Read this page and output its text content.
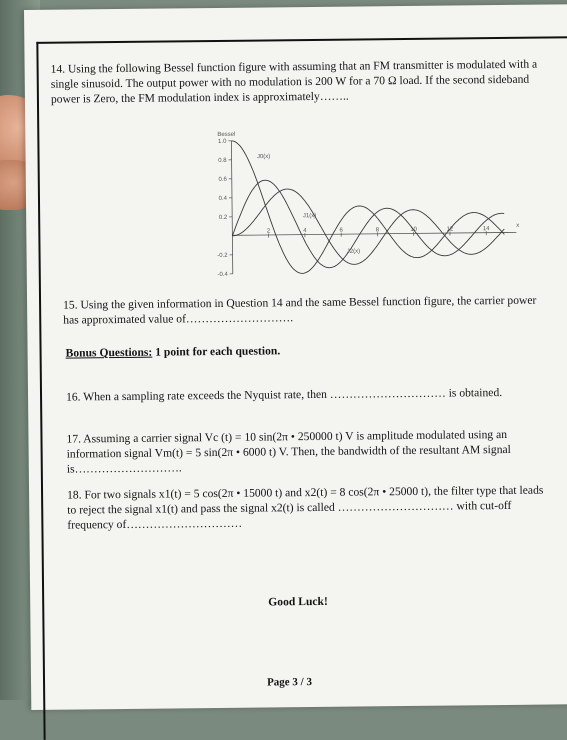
14. Using the following Bessel function figure with assuming that an FM transmitter is modulated with a single sinusoid. The output power with no modulation is 200 W for a 70 Ω load. If the second sideband power is Zero, the FM modulation index is approximately……..
Bessel
x
1.0
0.8
0.6
0.4
0.2
-0.2
-0.4
2	4	6	8	10	12	14
J0(x)
J1(x)
J2(x)
15. Using the given information in Question 14 and the same Bessel function figure, the carrier power has approximated value of……………………….
Bonus Questions: 1 point for each question.
16. When a sampling rate exceeds the Nyquist rate, then ………………………… is obtained.
17. Assuming a carrier signal Vc (t) = 10 sin(2π • 250000 t) V is amplitude modulated using an information signal Vm(t) = 5 sin(2π • 6000 t) V. Then, the bandwidth of the resultant AM signal is……………………….
18. For two signals x1(t) = 5 cos(2π • 15000 t) and x2(t) = 8 cos(2π • 25000 t), the filter type that leads to reject the signal x1(t) and pass the signal x2(t) is called ………………………… with cut-off frequency of…………………………
Good Luck!
Page 3 / 3
